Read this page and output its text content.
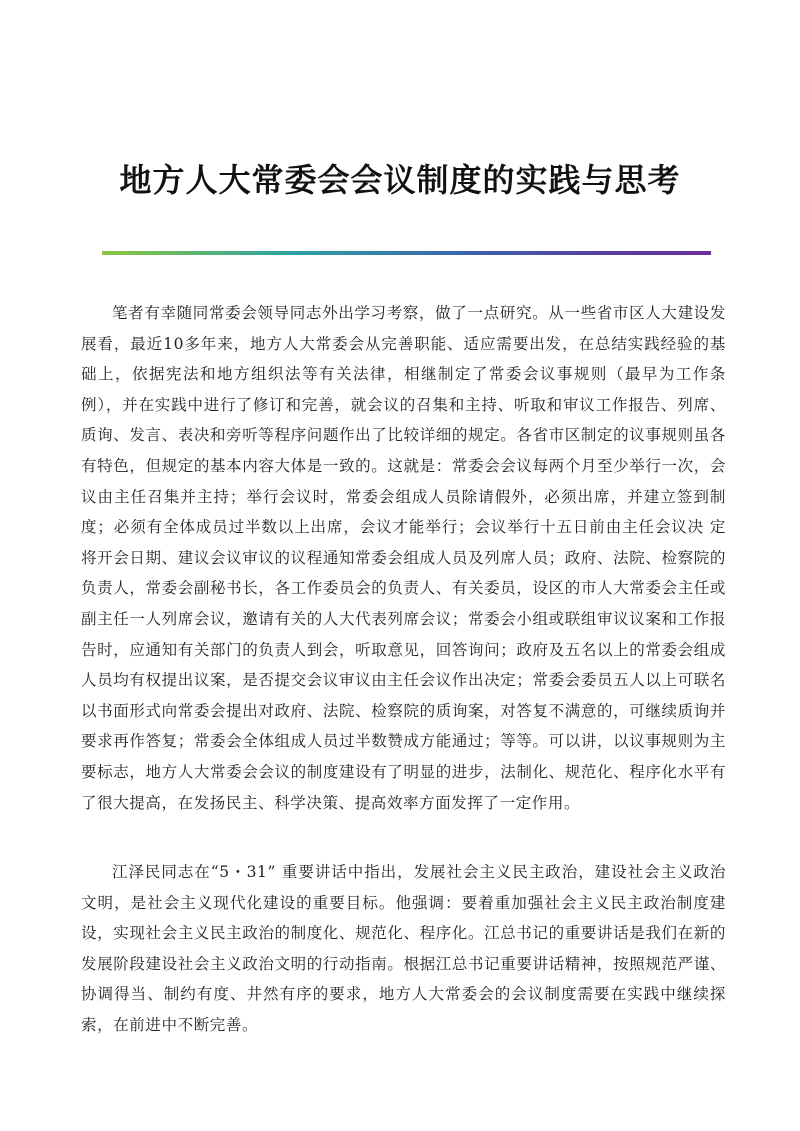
地方人大常委会会议制度的实践与思考

笔者有幸随同常委会领导同志外出学习考察，做了一点研究。从一些省市区人大建设发展看，最近10多年来，地方人大常委会从完善职能、适应需要出发，在总结实践经验的基础上，依据宪法和地方组织法等有关法律，相继制定了常委会议事规则（最早为工作条例），并在实践中进行了修订和完善，就会议的召集和主持、听取和审议工作报告、列席、质询、发言、表决和旁听等程序问题作出了比较详细的规定。各省市区制定的议事规则虽各有特色，但规定的基本内容大体是一致的。这就是：常委会会议每两个月至少举行一次，会议由主任召集并主持；举行会议时，常委会组成人员除请假外，必须出席，并建立签到制度；必须有全体成员过半数以上出席，会议才能举行；会议举行十五日前由主任会议决 定将开会日期、建议会议审议的议程通知常委会组成人员及列席人员；政府、法院、检察院的负责人，常委会副秘书长，各工作委员会的负责人、有关委员，设区的市人大常委会主任或副主任一人列席会议，邀请有关的人大代表列席会议；常委会小组或联组审议议案和工作报告时，应通知有关部门的负责人到会，听取意见，回答询问；政府及五名以上的常委会组成人员均有权提出议案，是否提交会议审议由主任会议作出决定；常委会委员五人以上可联名以书面形式向常委会提出对政府、法院、检察院的质询案，对答复不满意的，可继续质询并要求再作答复；常委会全体组成人员过半数赞成方能通过；等等。可以讲，以议事规则为主要标志，地方人大常委会会议的制度建设有了明显的进步，法制化、规范化、程序化水平有了很大提高，在发扬民主、科学决策、提高效率方面发挥了一定作用。

江泽民同志在“5・31” 重要讲话中指出，发展社会主义民主政治，建设社会主义政治文明，是社会主义现代化建设的重要目标。他强调：要着重加强社会主义民主政治制度建设，实现社会主义民主政治的制度化、规范化、程序化。江总书记的重要讲话是我们在新的发展阶段建设社会主义政治文明的行动指南。根据江总书记重要讲话精神，按照规范严谨、协调得当、制约有度、井然有序的要求，地方人大常委会的会议制度需要在实践中继续探索，在前进中不断完善。
